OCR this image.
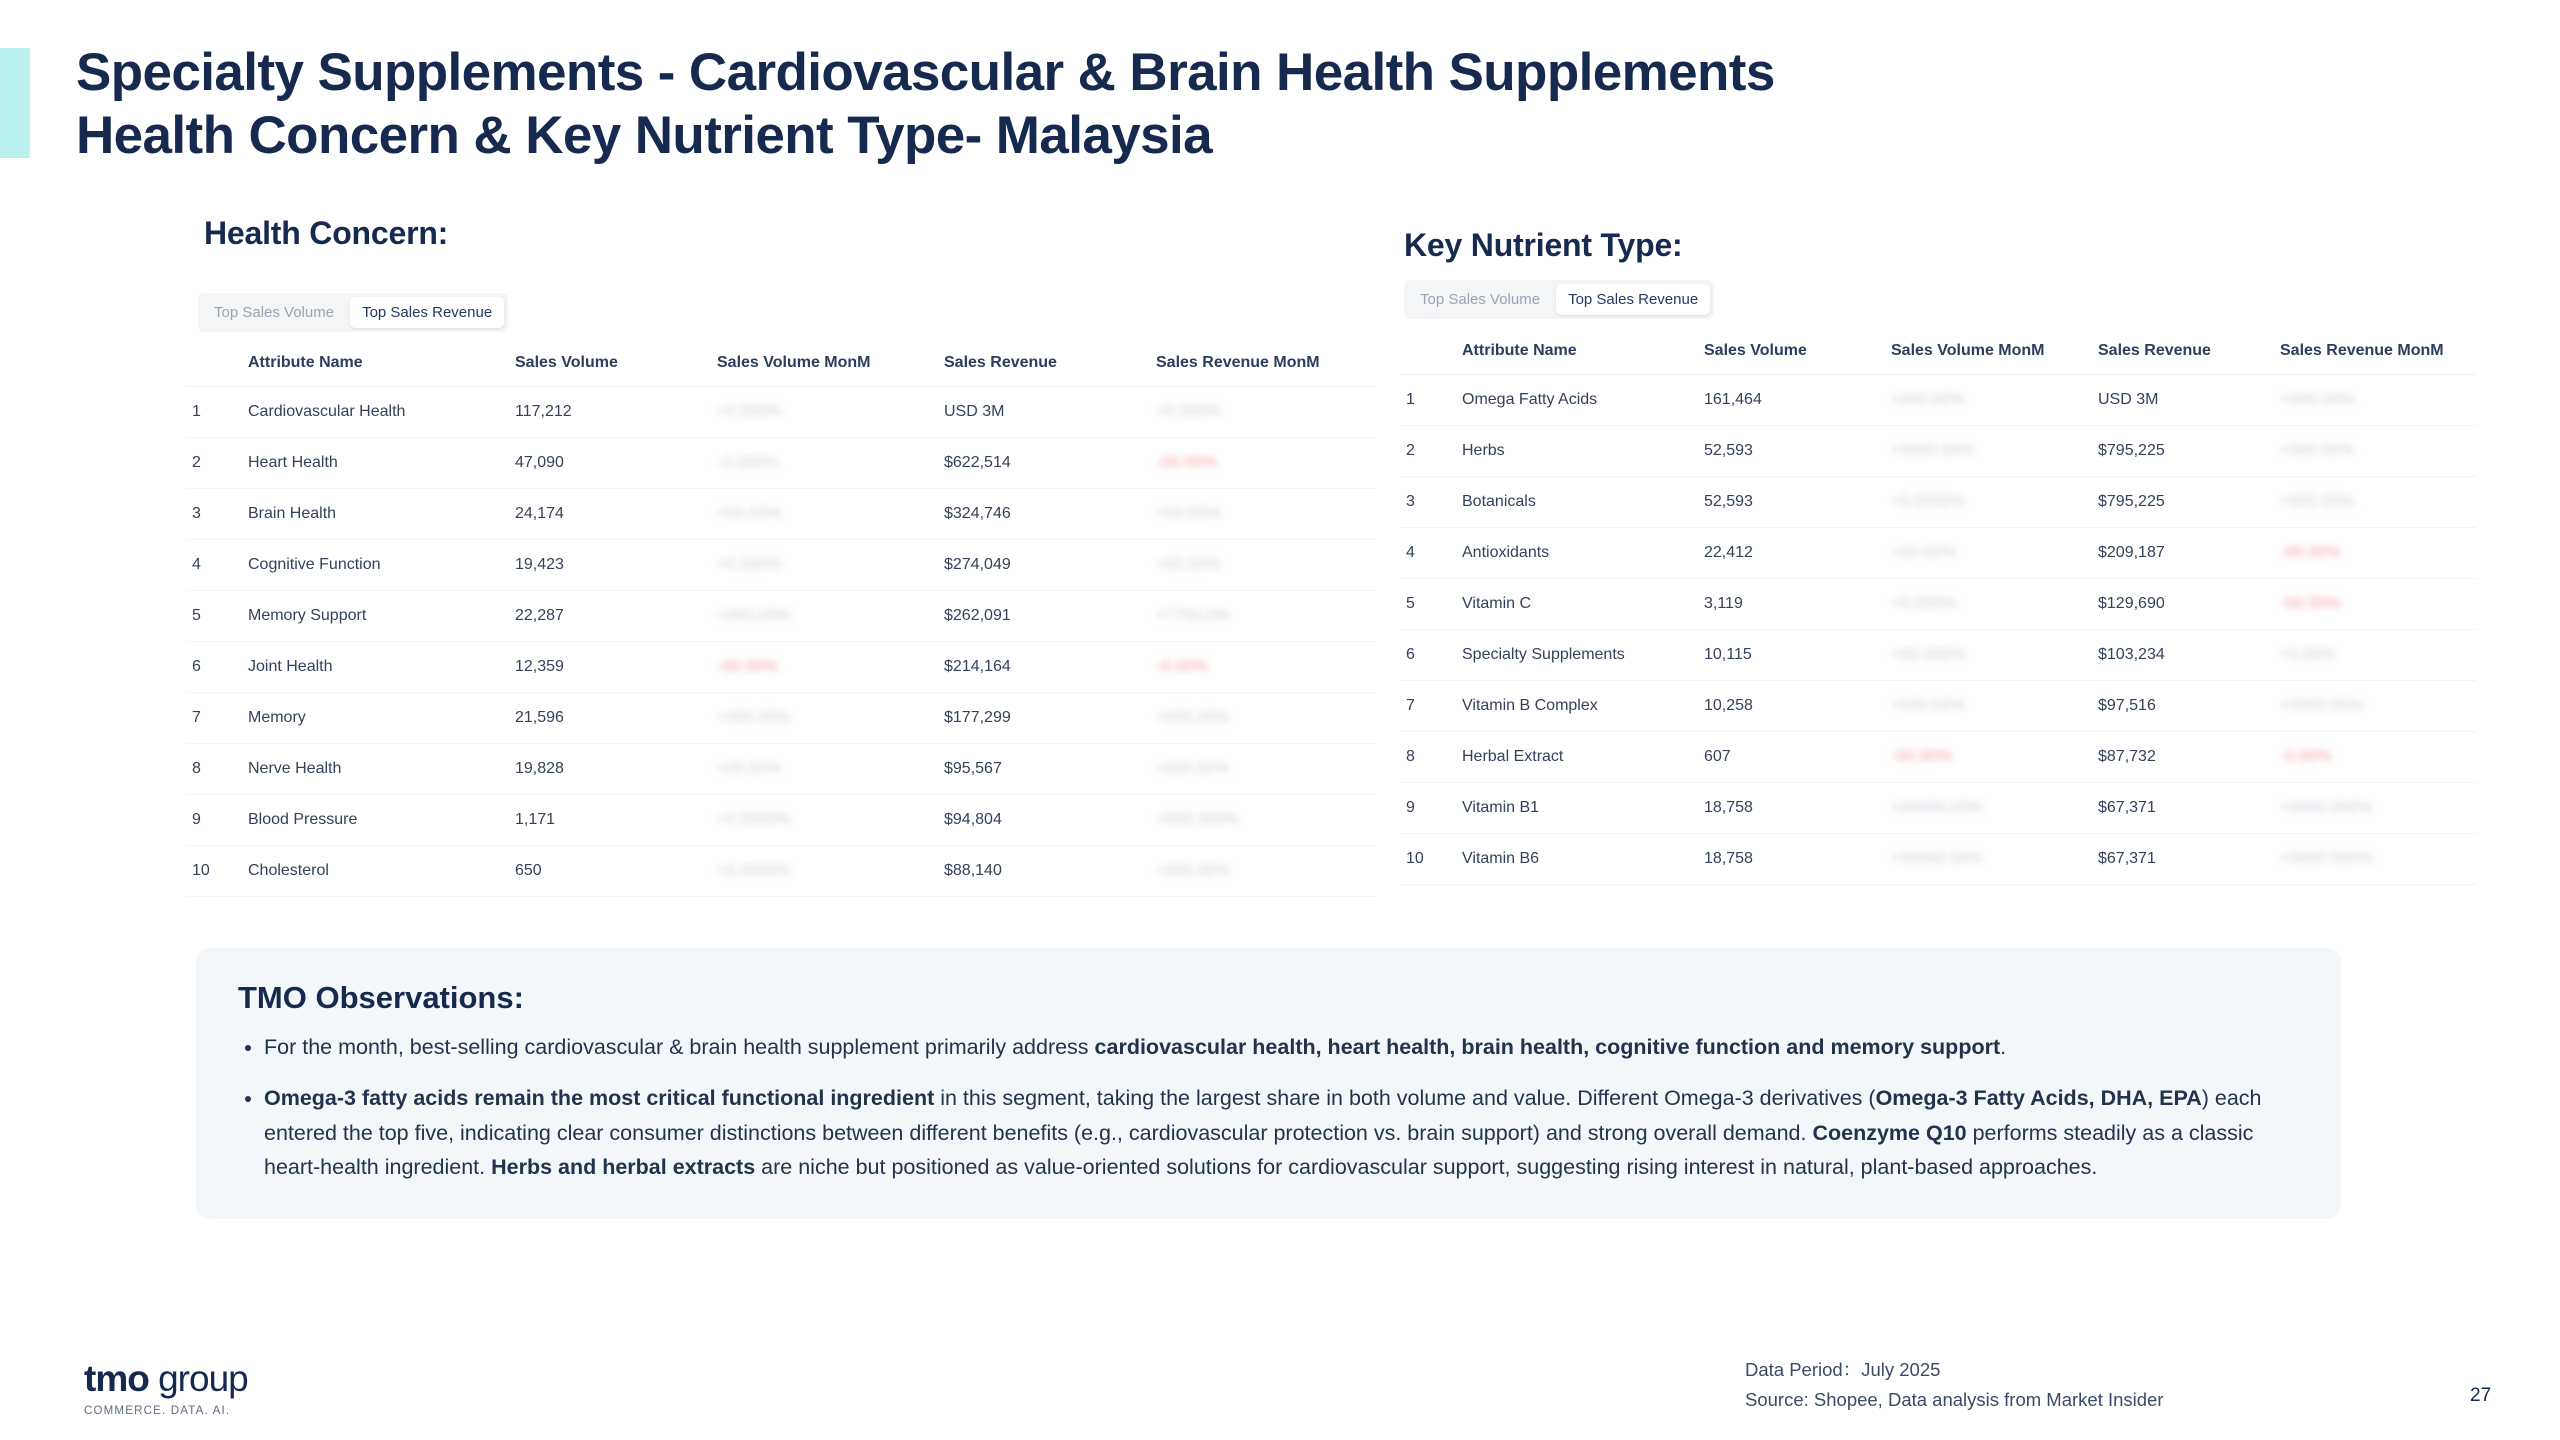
Specialty Supplements - Cardiovascular & Brain Health Supplements
Health Concern & Key Nutrient Type- Malaysia
Health Concern:
Top Sales Volume	Top Sales Revenue
	Attribute Name	Sales Volume	Sales Volume MonM	Sales Revenue	Sales Revenue MonM
1	Cardiovascular Health	117,212	+0.000%	USD 3M	+0.000%
2	Heart Health	47,090	-0.000%	$622,514	-00.00%
3	Brain Health	24,174	+00.00%	$324,746	+00.00%
4	Cognitive Function	19,423	+0.000%	$274,049	+00.00%
5	Memory Support	22,287	+000.00%	$262,091	+7700.0%
6	Joint Health	12,359	-00.00%	$214,164	-0.00%
7	Memory	21,596	+000.00%	$177,299	+000.00%
8	Nerve Health	19,828	+00.00%	$95,567	+000.00%
9	Blood Pressure	1,171	+0.0000%	$94,804	+000.000%
10	Cholesterol	650	+0.0000%	$88,140	+000.00%
Key Nutrient Type:
Top Sales Volume	Top Sales Revenue
	Attribute Name	Sales Volume	Sales Volume MonM	Sales Revenue	Sales Revenue MonM
1	Omega Fatty Acids	161,464	+000.00%	USD 3M	+000.00%
2	Herbs	52,593	+0000.00%	$795,225	+000.00%
3	Botanicals	52,593	+0.0000%	$795,225	+000.00%
4	Antioxidants	22,412	+00.00%	$209,187	-00.00%
5	Vitamin C	3,119	+0.000%	$129,690	-00.00%
6	Specialty Supplements	10,115	+00.000%	$103,234	+0.00%
7	Vitamin B Complex	10,258	+000.00%	$97,516	+0000.00%
8	Herbal Extract	607	-00.00%	$87,732	-0.00%
9	Vitamin B1	18,758	+00000.00%	$67,371	+0000.000%
10	Vitamin B6	18,758	+00000.00%	$67,371	+0000.000%
TMO Observations:
• For the month, best-selling cardiovascular & brain health supplement primarily address cardiovascular health, heart health, brain health, cognitive function and memory support.
• Omega-3 fatty acids remain the most critical functional ingredient in this segment, taking the largest share in both volume and value. Different Omega-3 derivatives (Omega-3 Fatty Acids, DHA, EPA) each entered the top five, indicating clear consumer distinctions between different benefits (e.g., cardiovascular protection vs. brain support) and strong overall demand. Coenzyme Q10 performs steadily as a classic heart-health ingredient. Herbs and herbal extracts are niche but positioned as value-oriented solutions for cardiovascular support, suggesting rising interest in natural, plant-based approaches.
tmo group
COMMERCE. DATA. AI.
Data Period：July 2025
Source: Shopee, Data analysis from Market Insider	27
